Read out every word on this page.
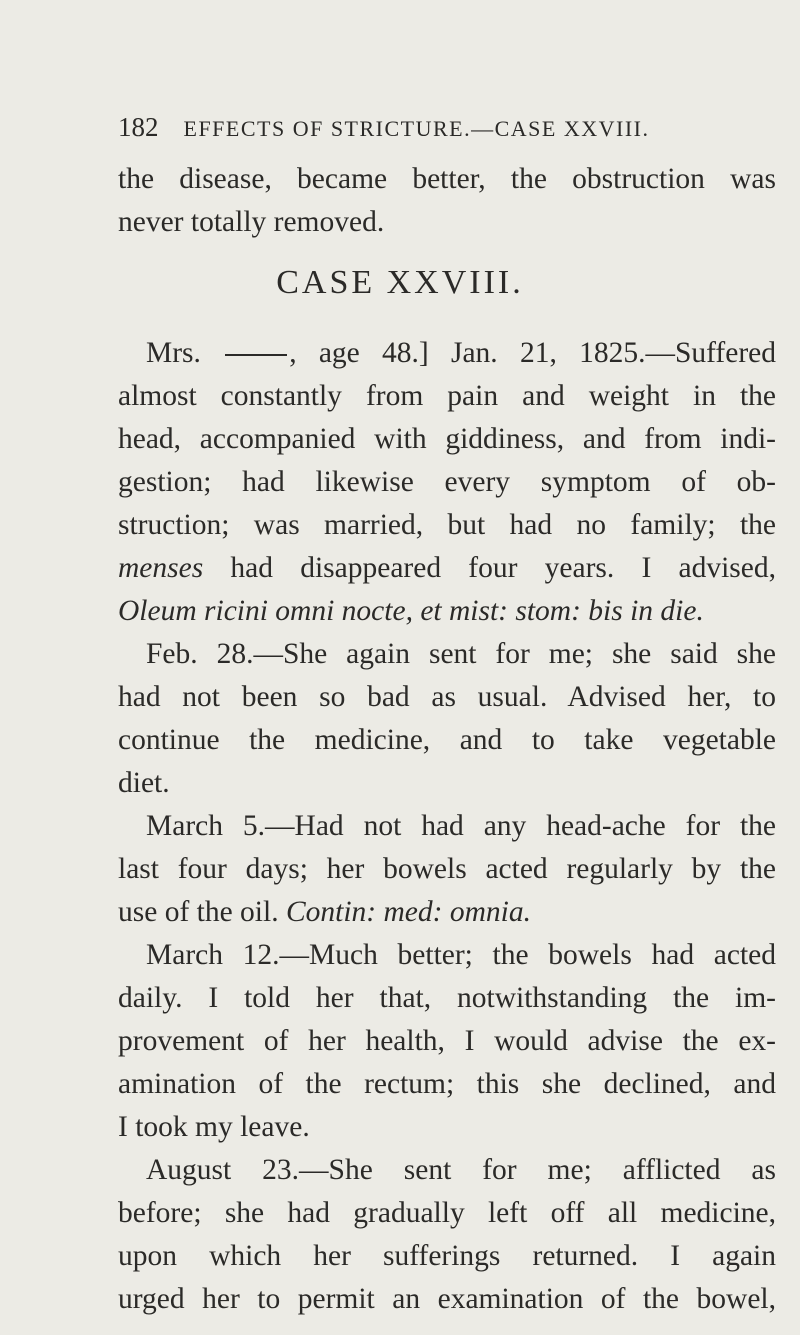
182 EFFECTS OF STRICTURE.—CASE XXVIII.
the disease, became better, the obstruction was
never totally removed.
CASE XXVIII.
Mrs.	, age 48.] Jan. 21, 1825.—Suffered
almost constantly from pain and weight in the
head, accompanied with giddiness, and from indi-
gestion; had likewise every symptom of ob-
struction; was married, but had no family; the
menses had disappeared four years. I advised,
Oleum ricini omni nocte, et mist: stom: bis in die.
Feb. 28.—She again sent for me; she said she
had not been so bad as usual. Advised her, to
continue the medicine, and to take vegetable
diet.
March 5.—Had not had any head-ache for the
last four days; her bowels acted regularly by the
use of the oil. Contin: med: omnia.
March 12.—Much better; the bowels had acted
daily. I told her that, notwithstanding the im-
provement of her health, I would advise the ex-
amination of the rectum; this she declined, and
I took my leave.
August 23.—She sent for me; afflicted as
before; she had gradually left off all medicine,
upon which her sufferings returned. I again
urged her to permit an examination of the bowel,
